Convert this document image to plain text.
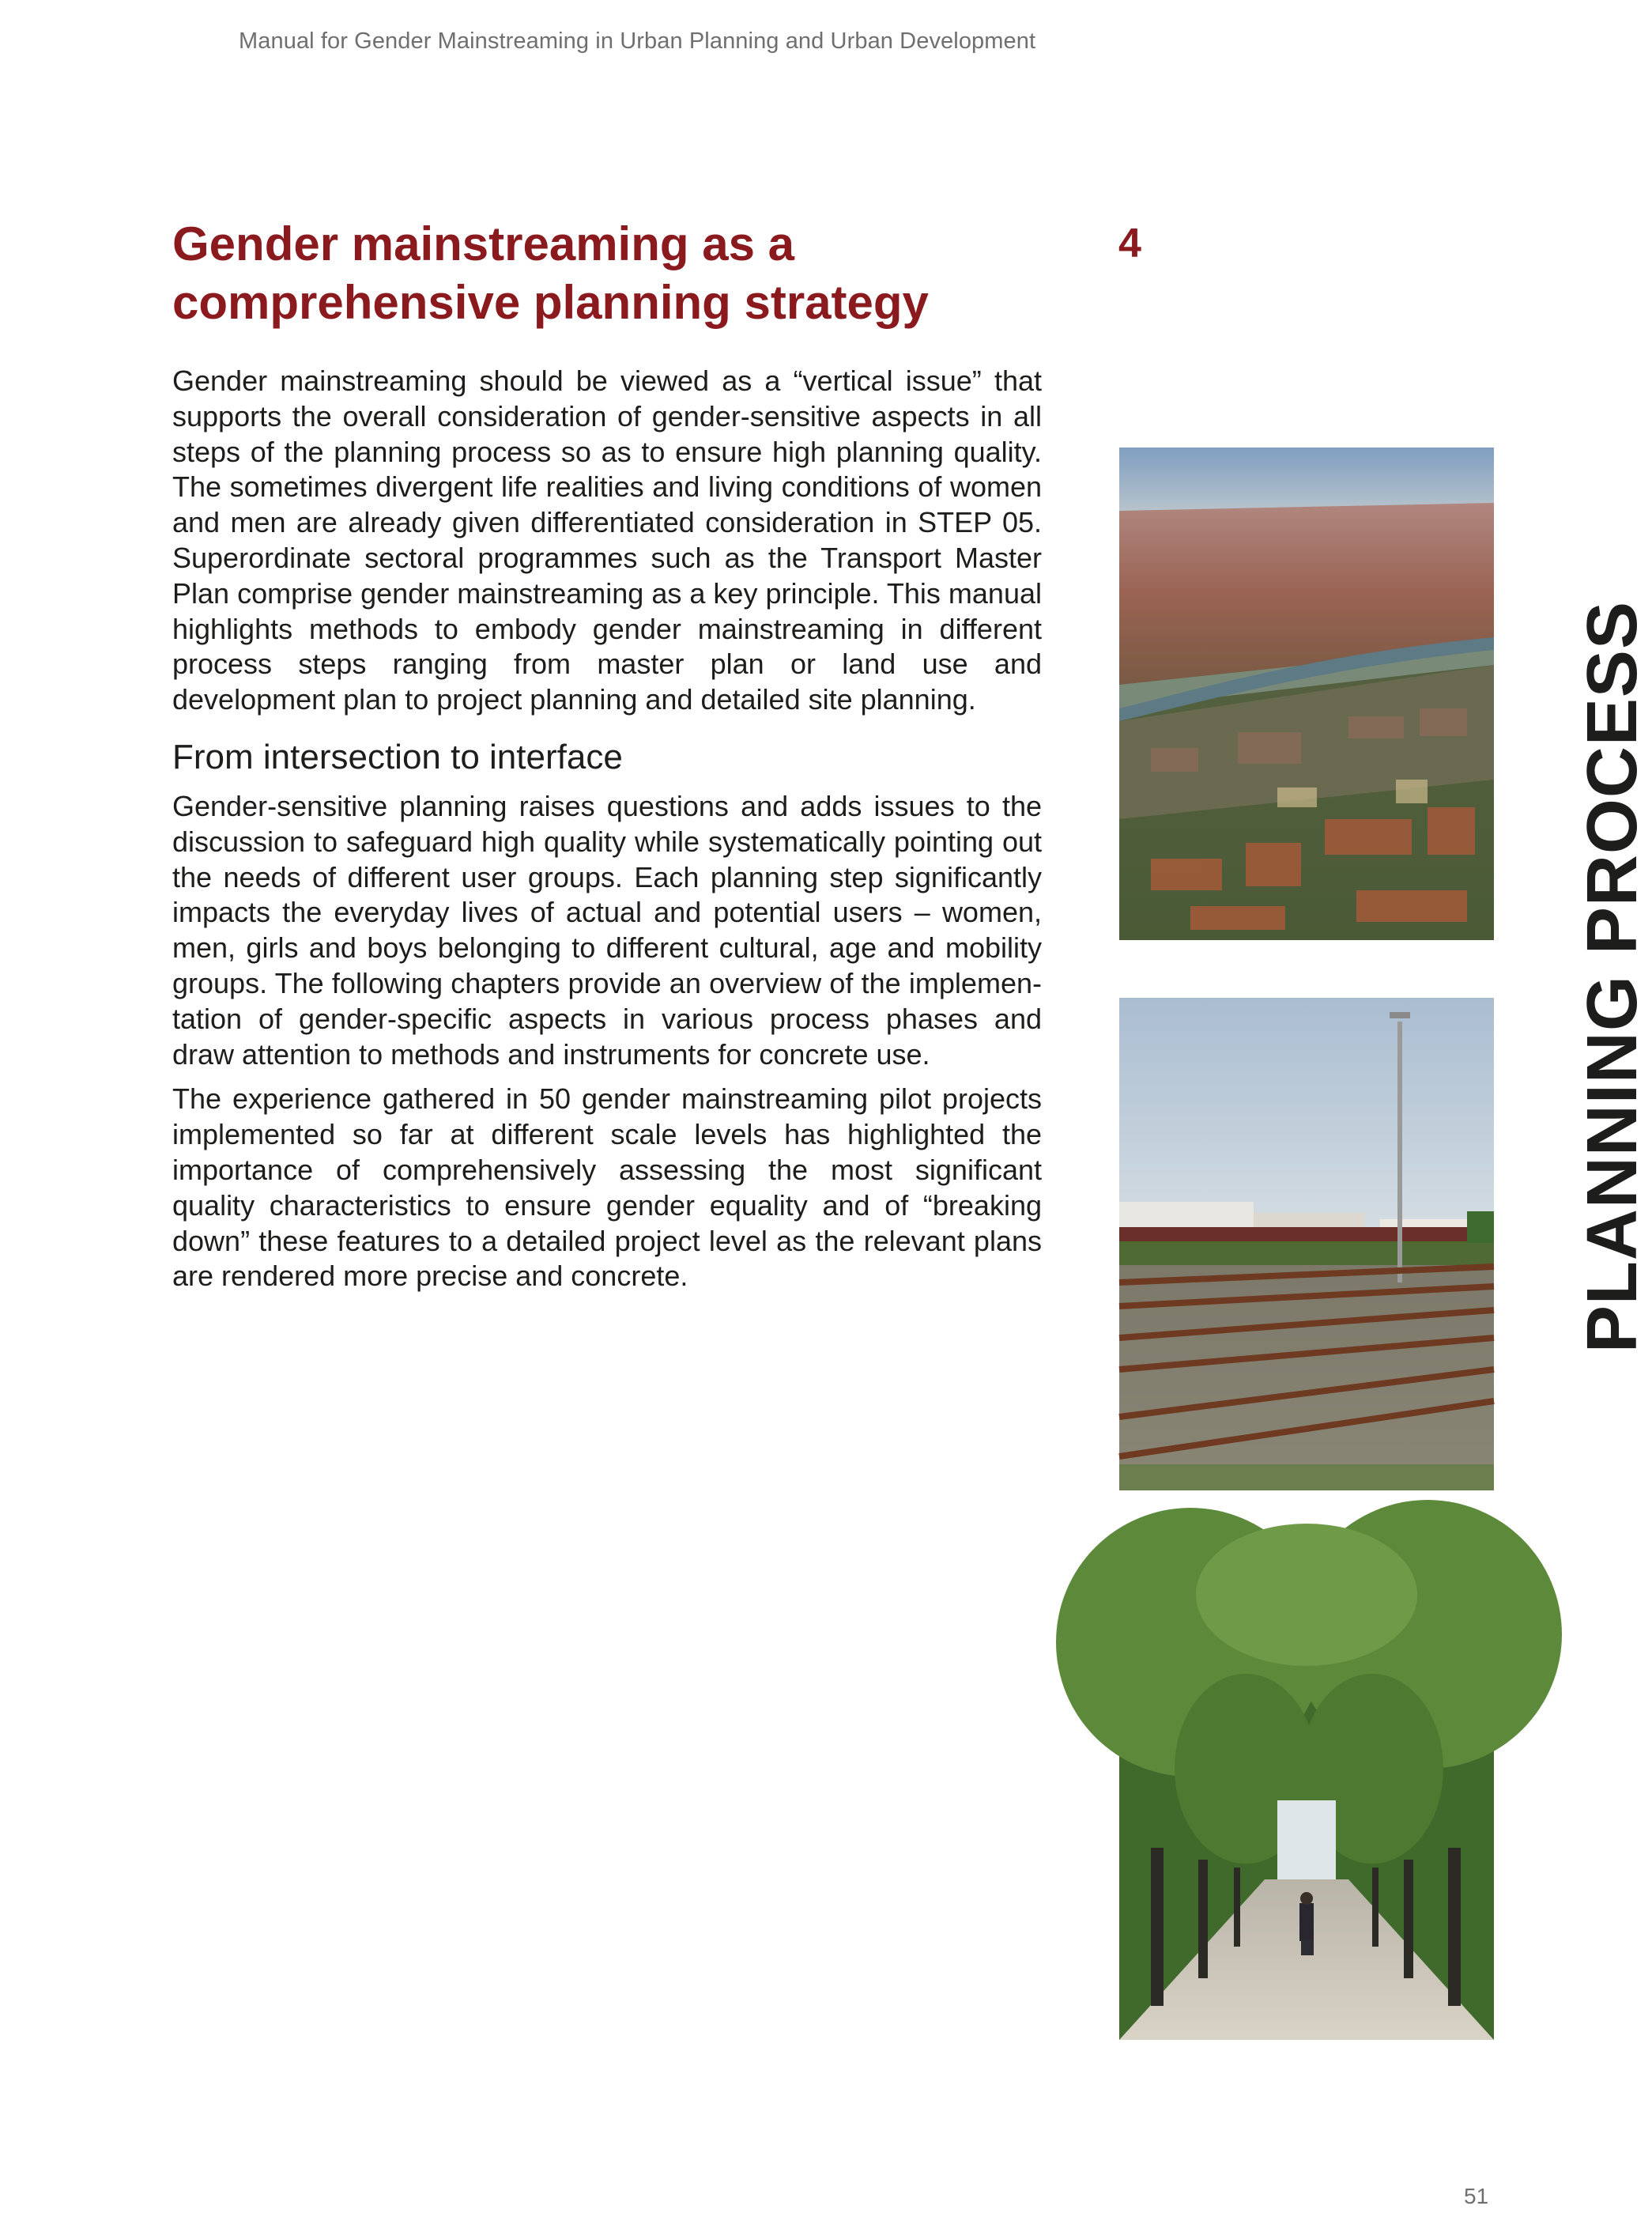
Manual for Gender Mainstreaming in Urban Planning and Urban Development
Gender mainstreaming as a comprehensive planning strategy
4

Gender mainstreaming should be viewed as a “vertical issue” that supports the overall consideration of gender-sensitive aspects in all steps of the planning process so as to ensure high planning quality. The sometimes divergent life realities and living conditions of women and men are already given differentiated consideration in STEP 05. Superordinate sectoral programmes such as the Transport Master Plan comprise gender mainstreaming as a key principle. This manual highlights methods to embody gender mainstreaming in different process steps ranging from master plan or land use and development plan to project planning and detailed site planning.

From intersection to interface

Gender-sensitive planning raises questions and adds issues to the discussion to safeguard high quality while systematically pointing out the needs of different user groups. Each planning step significantly impacts the everyday lives of actual and potential users – women, men, girls and boys belonging to different cultural, age and mobility groups. The following chapters provide an overview of the implementation of gender-specific aspects in various process phases and draw attention to methods and instruments for concrete use.

The experience gathered in 50 gender mainstreaming pilot projects implemented so far at different scale levels has highlighted the importance of comprehensively assessing the most significant quality characteristics to ensure gender equality and of “breaking down” these features to a detailed project level as the relevant plans are rendered more precise and concrete.	PLANNING PROCESS
51
